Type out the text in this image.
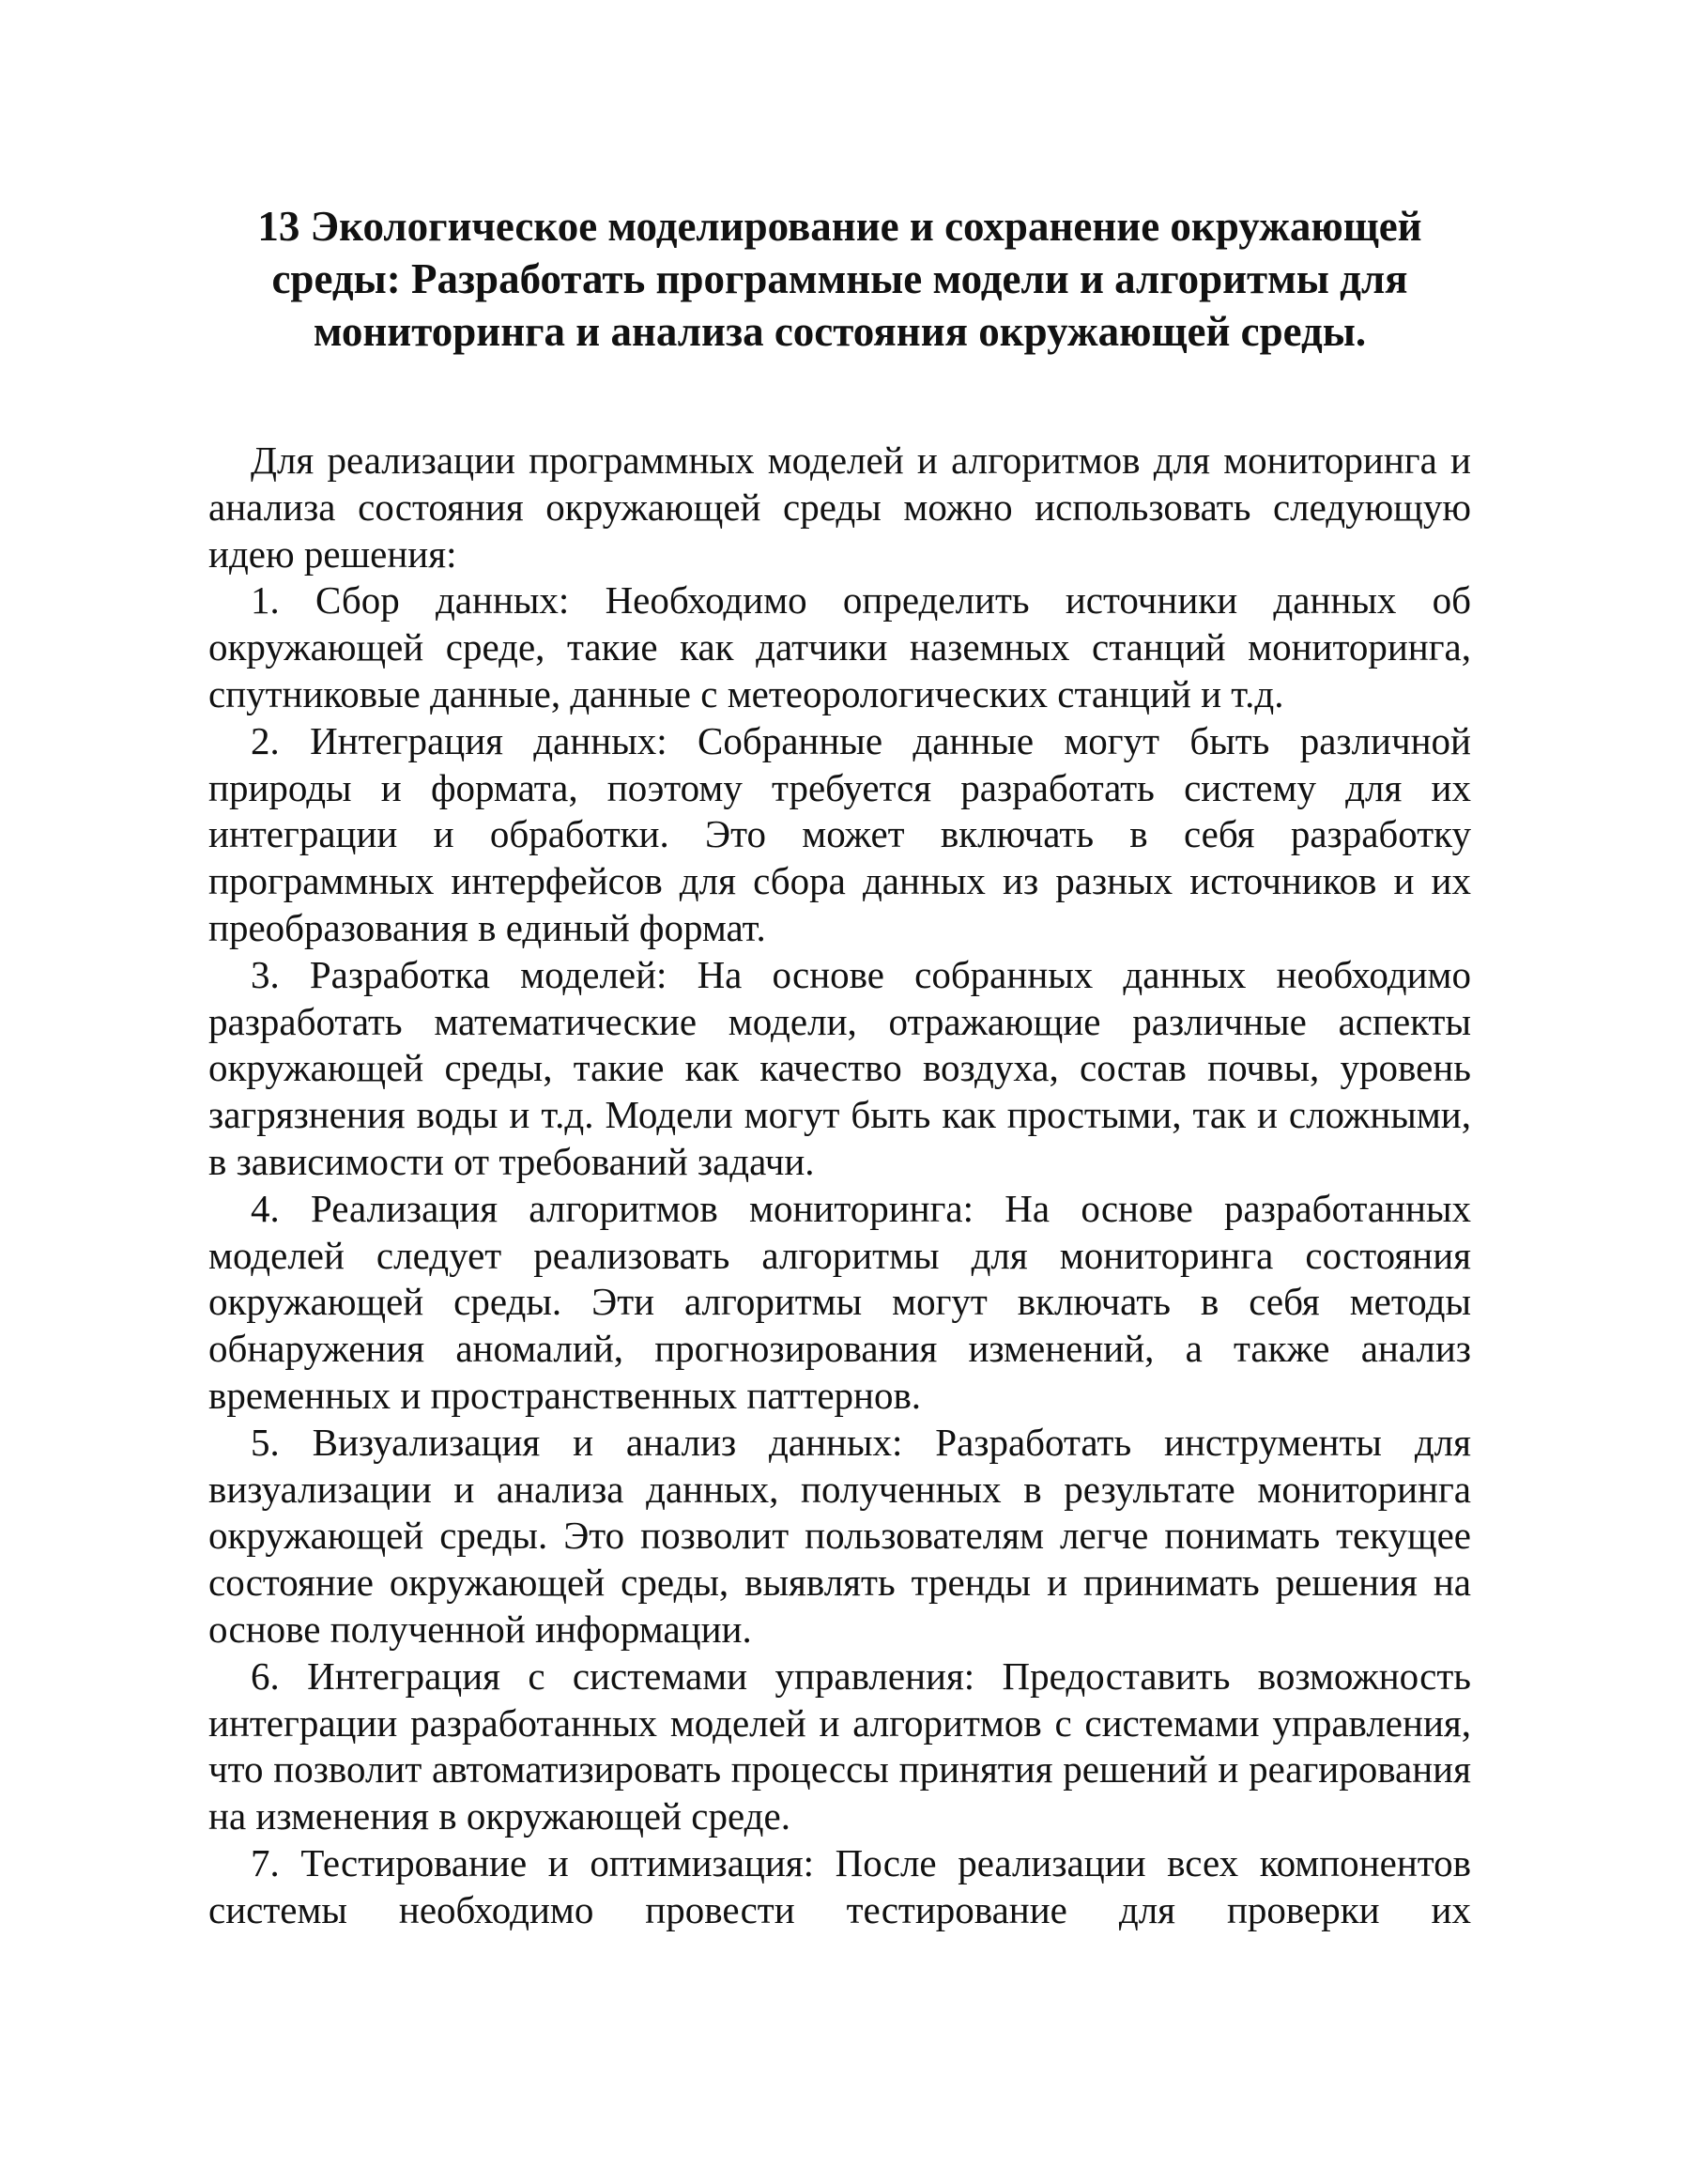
13 Экологическое моделирование и сохранение окружающей среды: Разработать программные модели и алгоритмы для мониторинга и анализа состояния окружающей среды.

Для реализации программных моделей и алгоритмов для мониторинга и анализа состояния окружающей среды можно использовать следующую идею решения:

1. Сбор данных: Необходимо определить источники данных об окружающей среде, такие как датчики наземных станций мониторинга, спутниковые данные, данные с метеорологических станций и т.д.

2. Интеграция данных: Собранные данные могут быть различной природы и формата, поэтому требуется разработать систему для их интеграции и обработки. Это может включать в себя разработку программных интерфейсов для сбора данных из разных источников и их преобразования в единый формат.

3. Разработка моделей: На основе собранных данных необходимо разработать математические модели, отражающие различные аспекты окружающей среды, такие как качество воздуха, состав почвы, уровень загрязнения воды и т.д. Модели могут быть как простыми, так и сложными, в зависимости от требований задачи.

4. Реализация алгоритмов мониторинга: На основе разработанных моделей следует реализовать алгоритмы для мониторинга состояния окружающей среды. Эти алгоритмы могут включать в себя методы обнаружения аномалий, прогнозирования изменений, а также анализ временных и пространственных паттернов.

5. Визуализация и анализ данных: Разработать инструменты для визуализации и анализа данных, полученных в результате мониторинга окружающей среды. Это позволит пользователям легче понимать текущее состояние окружающей среды, выявлять тренды и принимать решения на основе полученной информации.

6. Интеграция с системами управления: Предоставить возможность интеграции разработанных моделей и алгоритмов с системами управления, что позволит автоматизировать процессы принятия решений и реагирования на изменения в окружающей среде.

7. Тестирование и оптимизация: После реализации всех компонентов системы необходимо провести тестирование для проверки их
